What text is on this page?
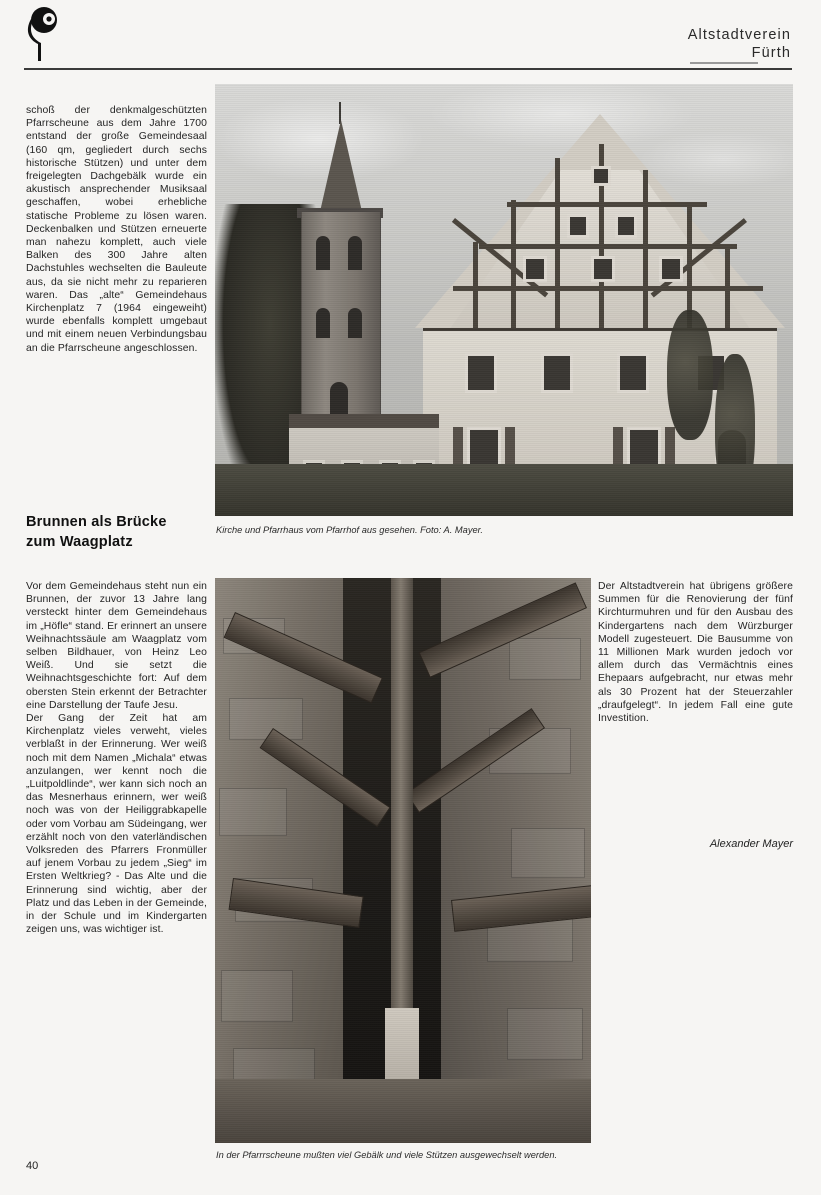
Altstadtverein
Fürth

schoß der denkmalgeschützten Pfarrscheune aus dem Jahre 1700 entstand der große Gemeindesaal (160 qm, gegliedert durch sechs historische Stützen) und unter dem freigelegten Dachgebälk wurde ein akustisch ansprechender Musiksaal geschaffen, wobei erhebliche statische Probleme zu lösen waren. Deckenbalken und Stützen erneuerte man nahezu komplett, auch viele Balken des 300 Jahre alten Dachstuhles wechselten die Bauleute aus, da sie nicht mehr zu reparieren waren. Das „alte“ Gemeindehaus Kirchenplatz 7 (1964 eingeweiht) wurde ebenfalls komplett umgebaut und mit einem neuen Verbindungsbau an die Pfarrscheune angeschlossen.

Brunnen als Brücke
zum Waagplatz

Vor dem Gemeindehaus steht nun ein Brunnen, der zuvor 13 Jahre lang versteckt hinter dem Gemeindehaus im „Höfle“ stand. Er erinnert an unsere Weihnachtssäule am Waagplatz vom selben Bildhauer, von Heinz Leo Weiß. Und sie setzt die Weihnachtsgeschichte fort: Auf dem obersten Stein erkennt der Betrachter eine Darstellung der Taufe Jesu.

Der Gang der Zeit hat am Kirchenplatz vieles verweht, vieles verblaßt in der Erinnerung. Wer weiß noch mit dem Namen „Michala“ etwas anzulangen, wer kennt noch die „Luitpoldlinde“, wer kann sich noch an das Mesnerhaus erinnern, wer weiß noch was von der Heiliggrabkapelle oder vom Vorbau am Südeingang, wer erzählt noch von den vaterländischen Volksreden des Pfarrers Fronmüller auf jenem Vorbau zu jedem „Sieg“ im Ersten Weltkrieg? - Das Alte und die Erinnerung sind wichtig, aber der Platz und das Leben in der Gemeinde, in der Schule und im Kindergarten zeigen uns, was wichtiger ist.

Der Altstadtverein hat übrigens größere Summen für die Renovierung der fünf Kirchturmuhren und für den Ausbau des Kindergartens nach dem Würzburger Modell zugesteuert. Die Bausumme von 11 Millionen Mark wurden jedoch vor allem durch das Vermächtnis eines Ehepaars aufgebracht, nur etwas mehr als 30 Prozent hat der Steuerzahler „draufgelegt“. In jedem Fall eine gute Investition.

Alexander Mayer
Kirche und Pfarrhaus vom Pfarrhof aus gesehen. Foto: A. Mayer.
In der Pfarrrscheune mußten viel Gebälk und viele Stützen ausgewechselt werden.
40
